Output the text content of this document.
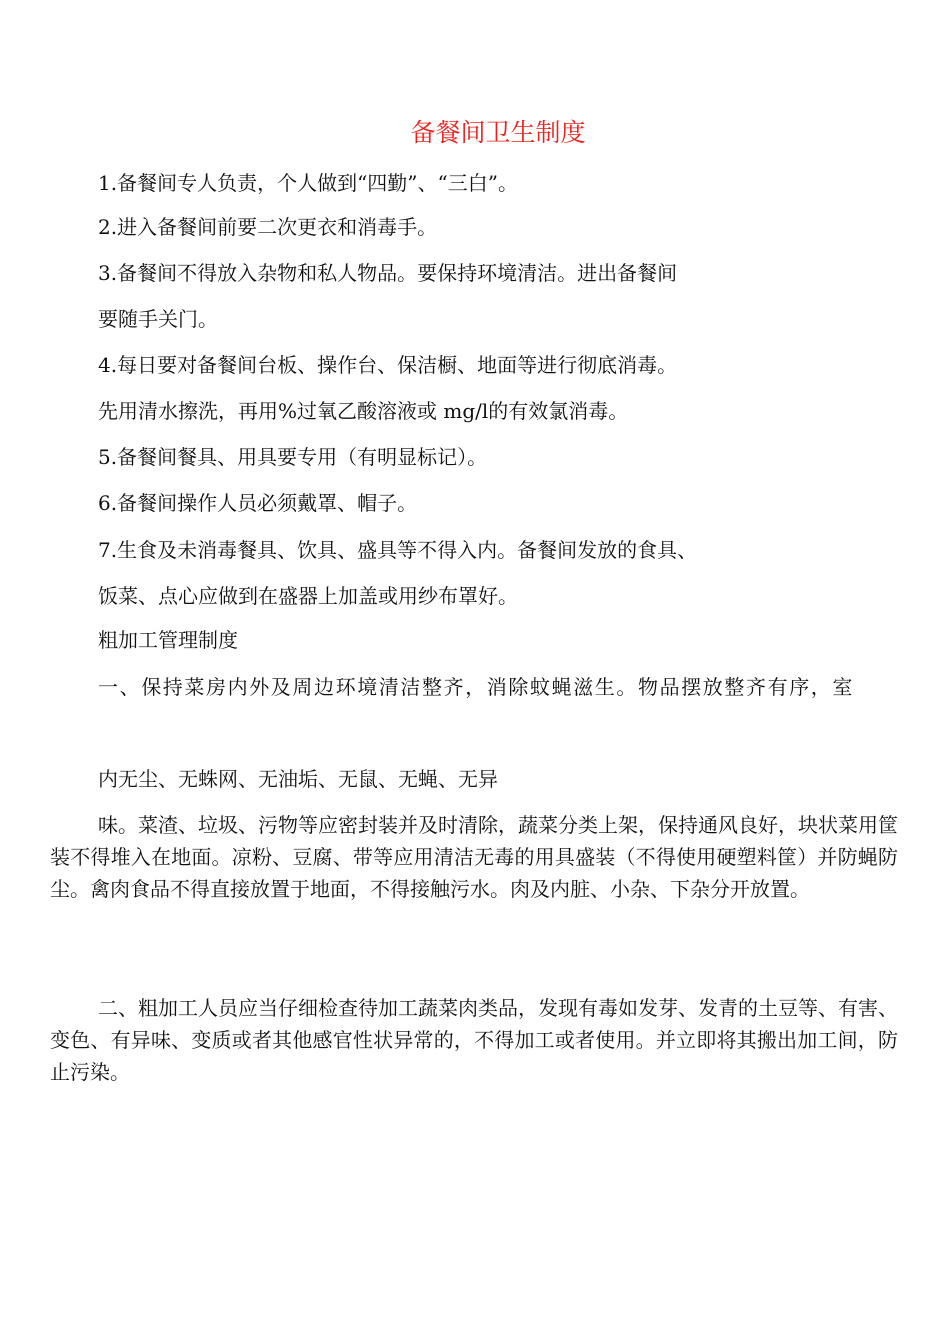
备餐间卫生制度
1.备餐间专人负责，个人做到“四勤”、“三白”。
2.进入备餐间前要二次更衣和消毒手。
3.备餐间不得放入杂物和私人物品。要保持环境清洁。进出备餐间
要随手关门。
4.每日要对备餐间台板、操作台、保洁橱、地面等进行彻底消毒。
先用清水擦洗，再用%过氧乙酸溶液或 mg/l的有效氯消毒。
5.备餐间餐具、用具要专用（有明显标记）。
6.备餐间操作人员必须戴罩、帽子。
7.生食及未消毒餐具、饮具、盛具等不得入内。备餐间发放的食具、
饭菜、点心应做到在盛器上加盖或用纱布罩好。
粗加工管理制度
一、保持菜房内外及周边环境清洁整齐，消除蚊蝇滋生。物品摆放整齐有序，室
内无尘、无蛛网、无油垢、无鼠、无蝇、无异
味。菜渣、垃圾、污物等应密封装并及时清除，蔬菜分类上架，保持通风良好，块状菜用筐装不得堆入在地面。凉粉、豆腐、带等应用清洁无毒的用具盛装（不得使用硬塑料筐）并防蝇防尘。禽肉食品不得直接放置于地面，不得接触污水。肉及内脏、小杂、下杂分开放置。
二、粗加工人员应当仔细检查待加工蔬菜肉类品，发现有毒如发芽、发青的土豆等、有害、变色、有异味、变质或者其他感官性状异常的，不得加工或者使用。并立即将其搬出加工间，防止污染。
